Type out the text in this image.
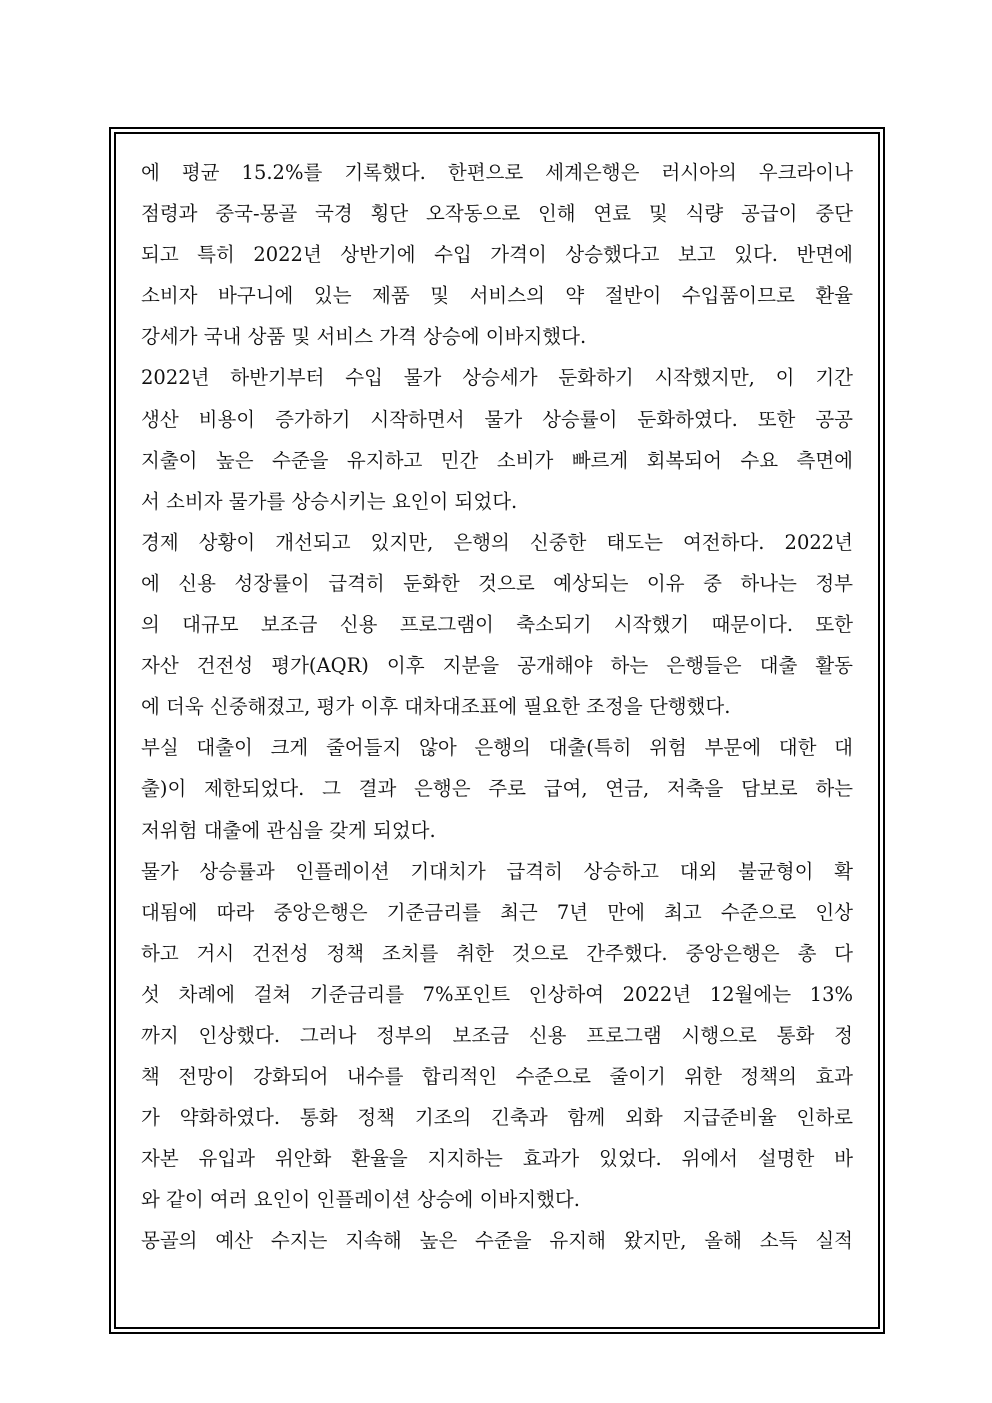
에 평균 15.2%를 기록했다. 한편으로 세계은행은 러시아의 우크라이나
점령과 중국-몽골 국경 횡단 오작동으로 인해 연료 및 식량 공급이 중단
되고 특히 2022년 상반기에 수입 가격이 상승했다고 보고 있다. 반면에
소비자 바구니에 있는 제품 및 서비스의 약 절반이 수입품이므로 환율
강세가 국내 상품 및 서비스 가격 상승에 이바지했다.
2022년 하반기부터 수입 물가 상승세가 둔화하기 시작했지만, 이 기간
생산 비용이 증가하기 시작하면서 물가 상승률이 둔화하였다. 또한 공공
지출이 높은 수준을 유지하고 민간 소비가 빠르게 회복되어 수요 측면에
서 소비자 물가를 상승시키는 요인이 되었다.
경제 상황이 개선되고 있지만, 은행의 신중한 태도는 여전하다. 2022년
에 신용 성장률이 급격히 둔화한 것으로 예상되는 이유 중 하나는 정부
의 대규모 보조금 신용 프로그램이 축소되기 시작했기 때문이다. 또한
자산 건전성 평가(AQR) 이후 지분을 공개해야 하는 은행들은 대출 활동
에 더욱 신중해졌고, 평가 이후 대차대조표에 필요한 조정을 단행했다.
부실 대출이 크게 줄어들지 않아 은행의 대출(특히 위험 부문에 대한 대
출)이 제한되었다. 그 결과 은행은 주로 급여, 연금, 저축을 담보로 하는
저위험 대출에 관심을 갖게 되었다.
물가 상승률과 인플레이션 기대치가 급격히 상승하고 대외 불균형이 확
대됨에 따라 중앙은행은 기준금리를 최근 7년 만에 최고 수준으로 인상
하고 거시 건전성 정책 조치를 취한 것으로 간주했다. 중앙은행은 총 다
섯 차례에 걸쳐 기준금리를 7%포인트 인상하여 2022년 12월에는 13%
까지 인상했다. 그러나 정부의 보조금 신용 프로그램 시행으로 통화 정
책 전망이 강화되어 내수를 합리적인 수준으로 줄이기 위한 정책의 효과
가 약화하였다. 통화 정책 기조의 긴축과 함께 외화 지급준비율 인하로
자본 유입과 위안화 환율을 지지하는 효과가 있었다. 위에서 설명한 바
와 같이 여러 요인이 인플레이션 상승에 이바지했다.
몽골의 예산 수지는 지속해 높은 수준을 유지해 왔지만, 올해 소득 실적
